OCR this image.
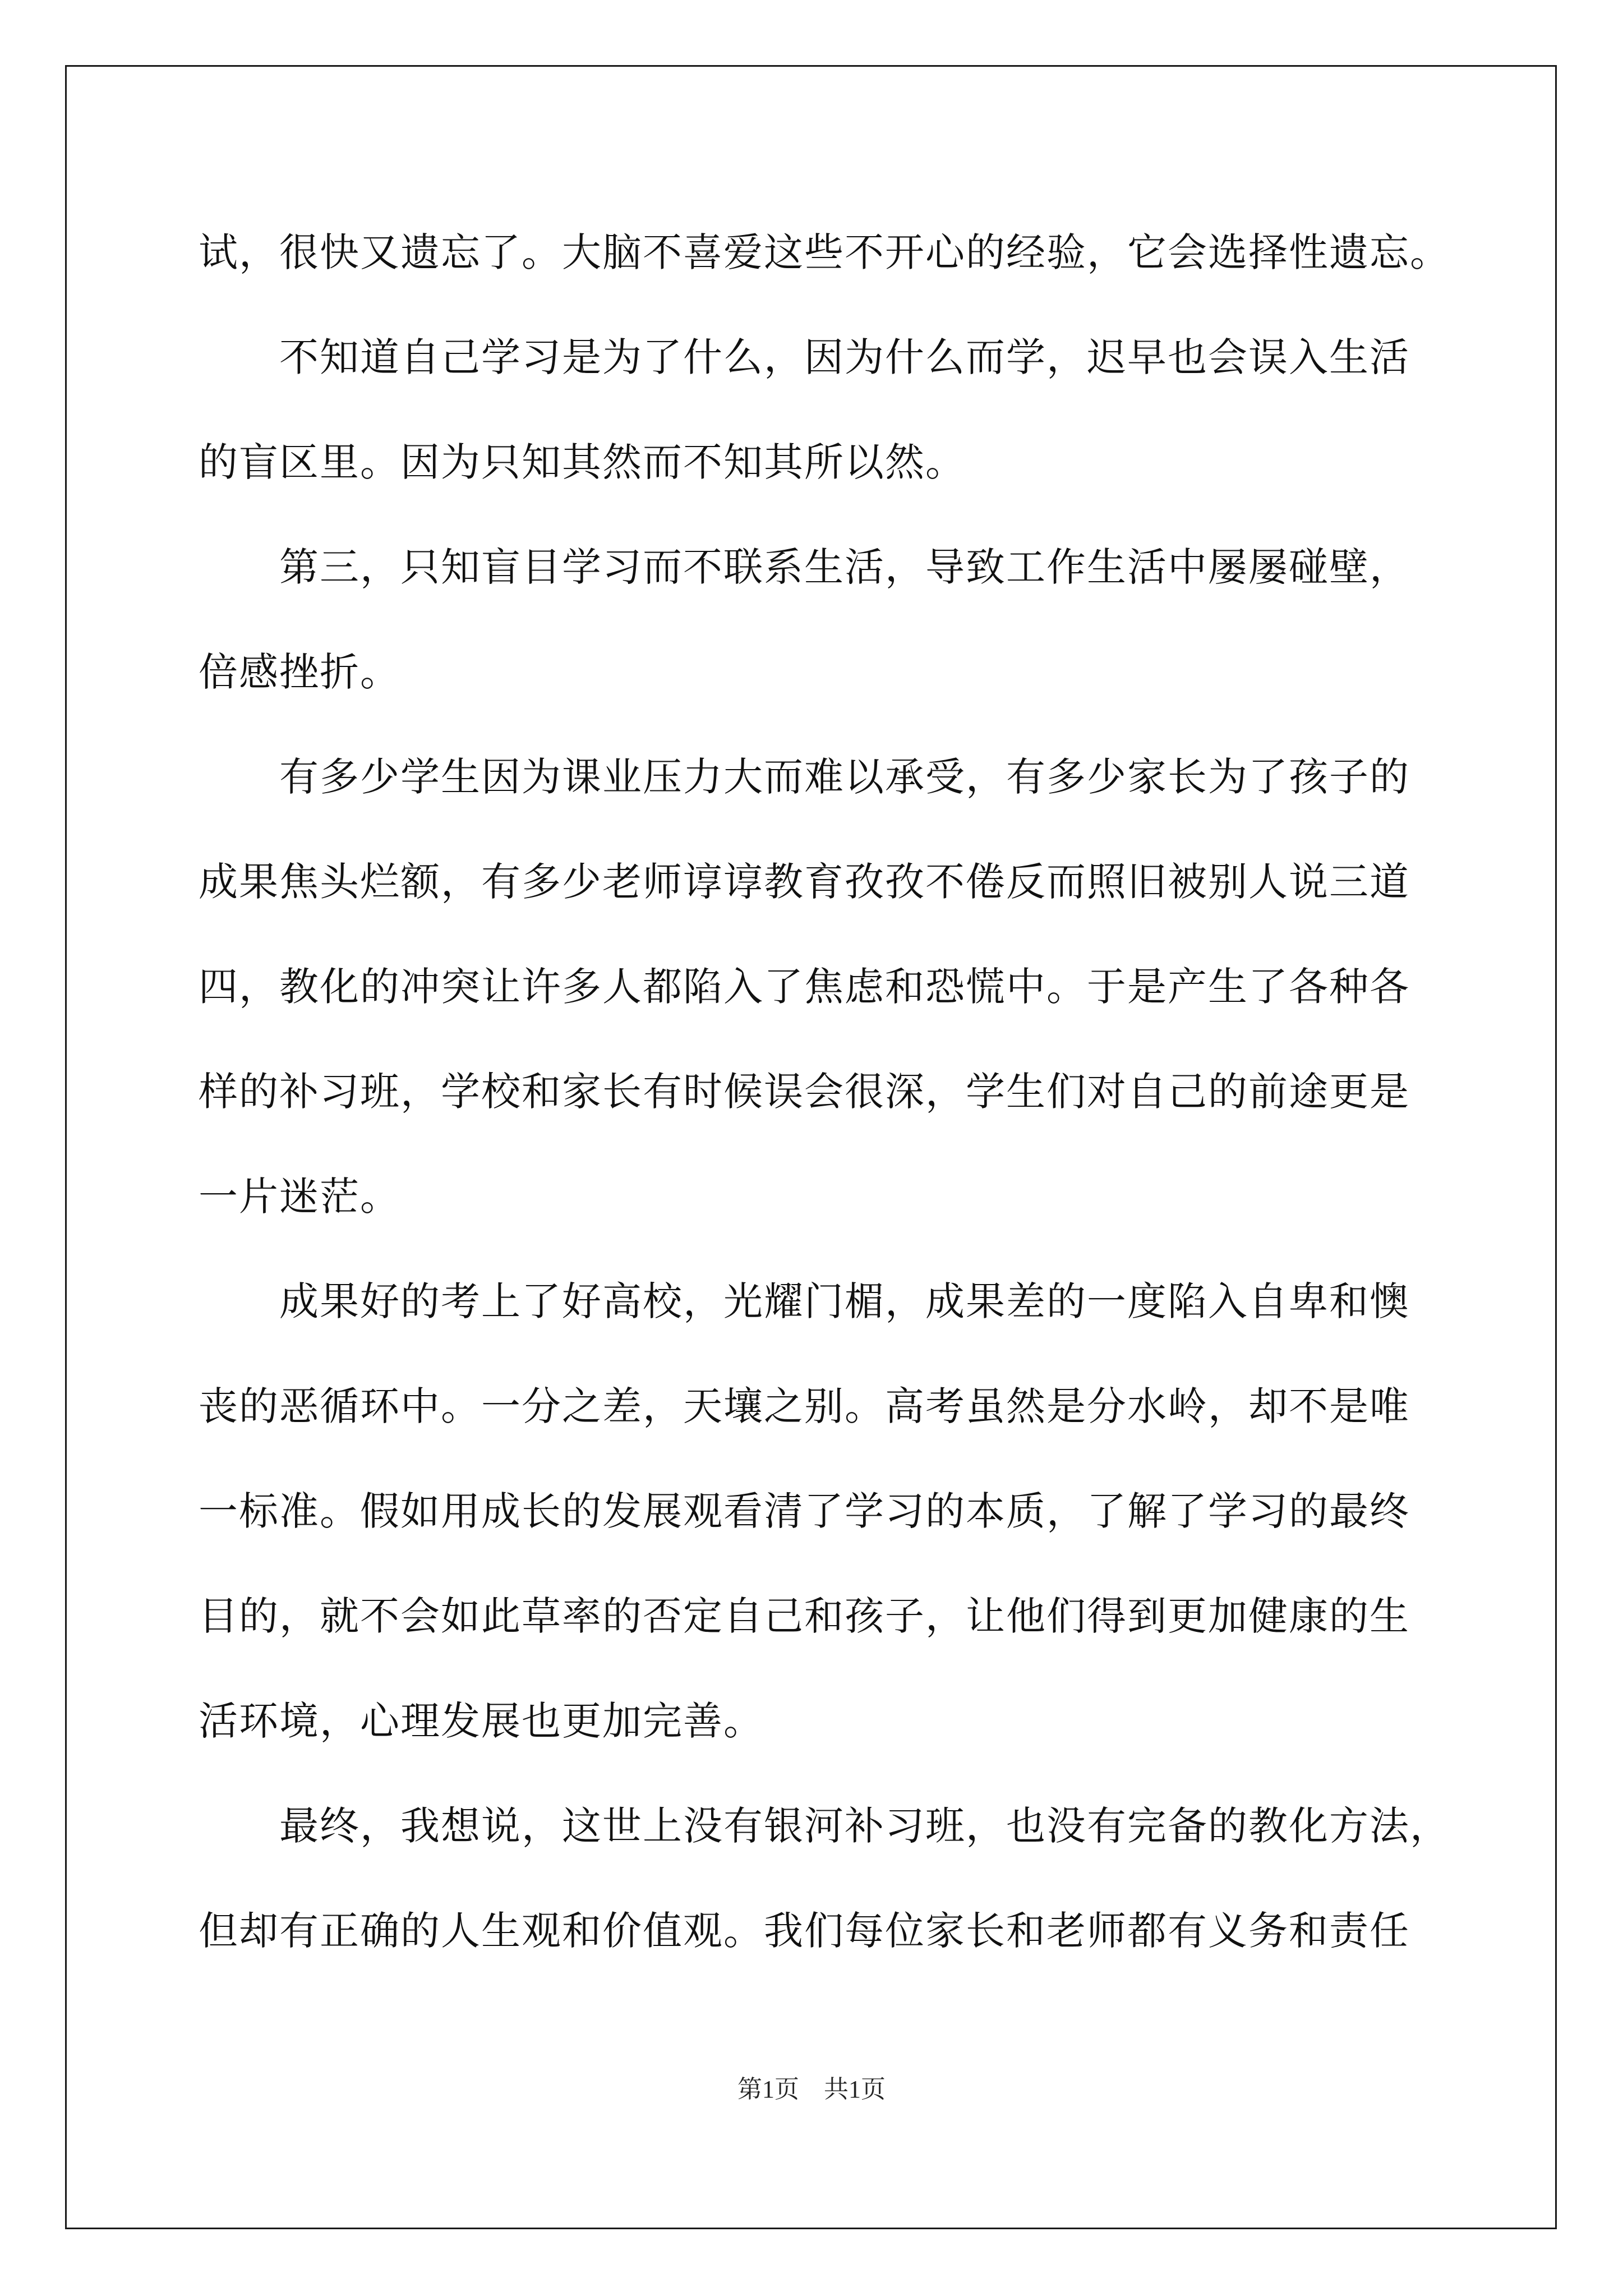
试，很快又遗忘了。大脑不喜爱这些不开心的经验，它会选择性遗忘。
　　不知道自己学习是为了什么，因为什么而学，迟早也会误入生活
的盲区里。因为只知其然而不知其所以然。
　　第三，只知盲目学习而不联系生活，导致工作生活中屡屡碰壁，
倍感挫折。
　　有多少学生因为课业压力大而难以承受，有多少家长为了孩子的
成果焦头烂额，有多少老师谆谆教育孜孜不倦反而照旧被别人说三道
四，教化的冲突让许多人都陷入了焦虑和恐慌中。于是产生了各种各
样的补习班，学校和家长有时候误会很深，学生们对自己的前途更是
一片迷茫。
　　成果好的考上了好高校，光耀门楣，成果差的一度陷入自卑和懊
丧的恶循环中。一分之差，天壤之别。高考虽然是分水岭，却不是唯
一标准。假如用成长的发展观看清了学习的本质，了解了学习的最终
目的，就不会如此草率的否定自己和孩子，让他们得到更加健康的生
活环境，心理发展也更加完善。
　　最终，我想说，这世上没有银河补习班，也没有完备的教化方法，
但却有正确的人生观和价值观。我们每位家长和老师都有义务和责任
第1页　共1页
